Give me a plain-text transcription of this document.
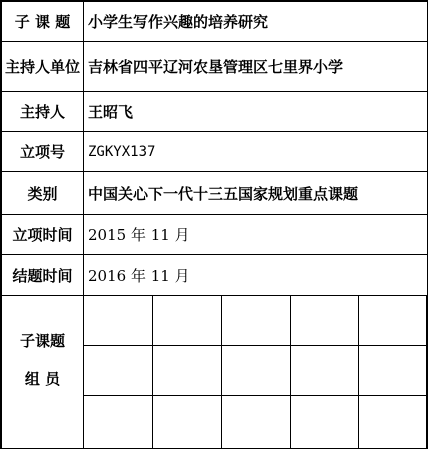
子 课 题	小学生写作兴趣的培养研究
主持人单位 吉林省四平辽河农垦管理区七里界小学
主持人	王昭飞
立项号	ZGKYX137
类别	中国关心下一代十三五国家规划重点课题
立项时间	2015 年 11 月
结题时间	2016 年 11 月
子课题
组 员
